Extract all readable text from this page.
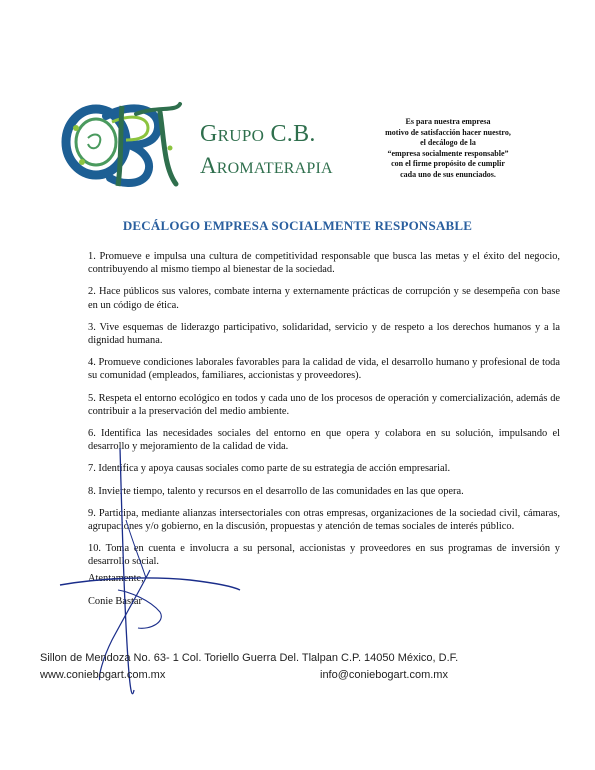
Grupo C.B.
Aromaterapia
Es para nuestra empresa
motivo de satisfacción hacer nuestro,
el decálogo de la
“empresa socialmente responsable”
con el firme propósito de cumplir
cada uno de sus enunciados.
DECÁLOGO EMPRESA SOCIALMENTE RESPONSABLE

1. Promueve e impulsa una cultura de competitividad responsable que busca las metas y el éxito del negocio, contribuyendo al mismo tiempo al bienestar de la sociedad.

2. Hace públicos sus valores, combate interna y externamente prácticas de corrupción y se desempeña con base en un código de ética.

3. Vive esquemas de liderazgo participativo, solidaridad, servicio y de respeto a los derechos humanos y a la dignidad humana.

4. Promueve condiciones laborales favorables para la calidad de vida, el desarrollo humano y profesional de toda su comunidad (empleados, familiares, accionistas y proveedores).

5. Respeta el entorno ecológico en todos y cada uno de los procesos de operación y comercialización, además de contribuir a la preservación del medio ambiente.

6. Identifica las necesidades sociales del entorno en que opera y colabora en su solución, impulsando el desarrollo y mejoramiento de la calidad de vida.

7. Identifica y apoya causas sociales como parte de su estrategia de acción empresarial.

8. Invierte tiempo, talento y recursos en el desarrollo de las comunidades en las que opera.

9. Participa, mediante alianzas intersectoriales con otras empresas, organizaciones de la sociedad civil, cámaras, agrupaciones y/o gobierno, en la discusión, propuestas y atención de temas sociales de interés público.

10. Toma en cuenta e involucra a su personal, accionistas y proveedores en sus programas de inversión y desarrollo social.

Atentamente,
Conie Bastar
Sillon de Mendoza No. 63- 1 Col. Toriello Guerra Del. Tlalpan C.P. 14050 México, D.F.
www.coniebogart.com.mx	info@coniebogart.com.mx
